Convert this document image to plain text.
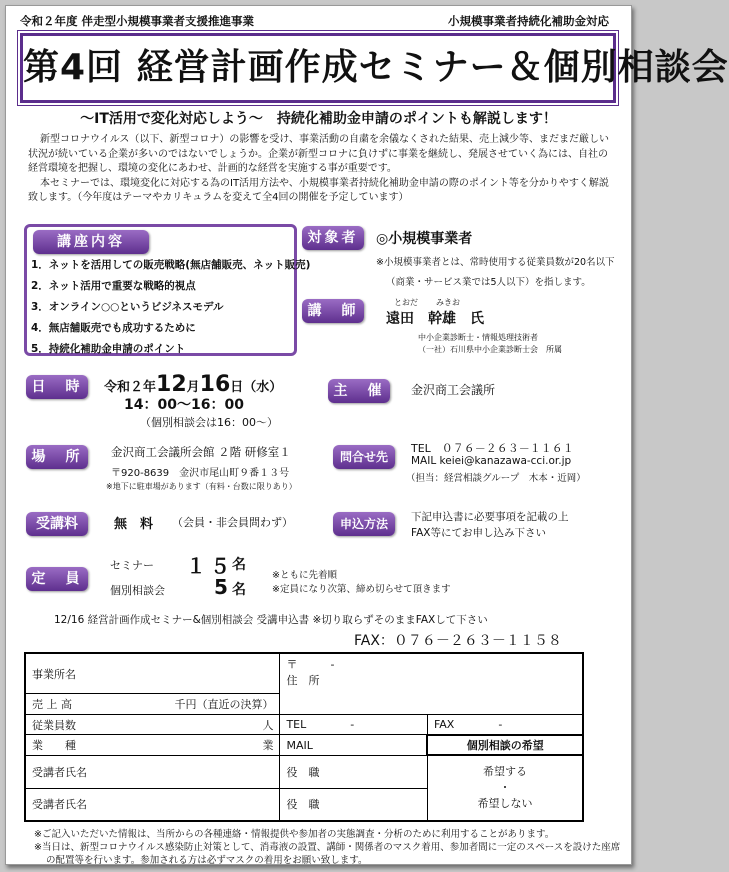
令和２年度 伴走型小規模事業者支援推進事業	小規模事業者持続化補助金対応
第4回 経営計画作成セミナー＆個別相談会
～IT活用で変化対応しよう～　持続化補助金申請のポイントも解説します！

新型コロナウイルス（以下、新型コロナ）の影響を受け、事業活動の自粛を余儀なくされた結果、売上減少等、まだまだ厳しい状況が続いている企業が多いのではないでしょうか。企業が新型コロナに負けずに事業を継続し、発展させていく為には、自社の経営環境を把握し、環境の変化にあわせ、計画的な経営を実施する事が重要です。

本セミナーでは、環境変化に対応する為のIT活用方法や、小規模事業者持続化補助金申請の際のポイント等を分かりやすく解説致します。（今年度はテーマやカリキュラムを変えて全4回の開催を予定しています）

講座内容
1．ネットを活用しての販売戦略(無店舗販売、ネット販売)
2．ネット活用で重要な戦略的視点
3．オンライン○○というビジネスモデル
4．無店舗販売でも成功するために
5．持続化補助金申請のポイント
対象者	◎小規模事業者
※小規模事業者とは、常時使用する従業員数が20名以下
（商業・サービス業では5人以下）を指します。
講　師
とおだ みきお
遠田　幹雄　氏
中小企業診断士・情報処理技術者
（一社）石川県中小企業診断士会　所属
日　時	令和２年12月16日（水）
14：00～16：00
（個別相談会は16：00～）
主　催	金沢商工会議所
場　所	金沢商工会議所会館 ２階 研修室１
〒920-8639　金沢市尾山町９番１３号
※地下に駐車場があります（有料・台数に限りあり）
問合せ先
TEL　０７６－２６３－１１６１
MAIL keiei@kanazawa-cci.or.jp
（担当：経営相談グループ　木本・近岡）
受講料	無　料 （会員・非会員問わず）	申込方法	下記申込書に必要事項を記載の上
FAX等にてお申し込み下さい
定　員
セミナー １５
名
個別相談会 5 名
※ともに先着順
※定員になり次第、締め切らせて頂きます
12/16 経営計画作成セミナー&個別相談会 受講申込書 ※切り取らずそのままFAXして下さい
FAX：０７６－２６３－１１５８
事業所名	〒　　　-
住　所	

売 上 高 千円（直近の決算）		

従業員数 人	TEL -	FAX -
業　　種 業	MAIL	個別相談の希望
受講者氏名	役　職	希望する
・
希望しない

受講者氏名	役　職	

※ご記入いただいた情報は、当所からの各種連絡・情報提供や参加者の実態調査・分析のために利用することがあります。

※当日は、新型コロナウイルス感染防止対策として、消毒液の設置、講師・関係者のマスク着用、参加者間に一定のスペースを設けた座席の配置等を行います。参加される方は必ずマスクの着用をお願い致します。
